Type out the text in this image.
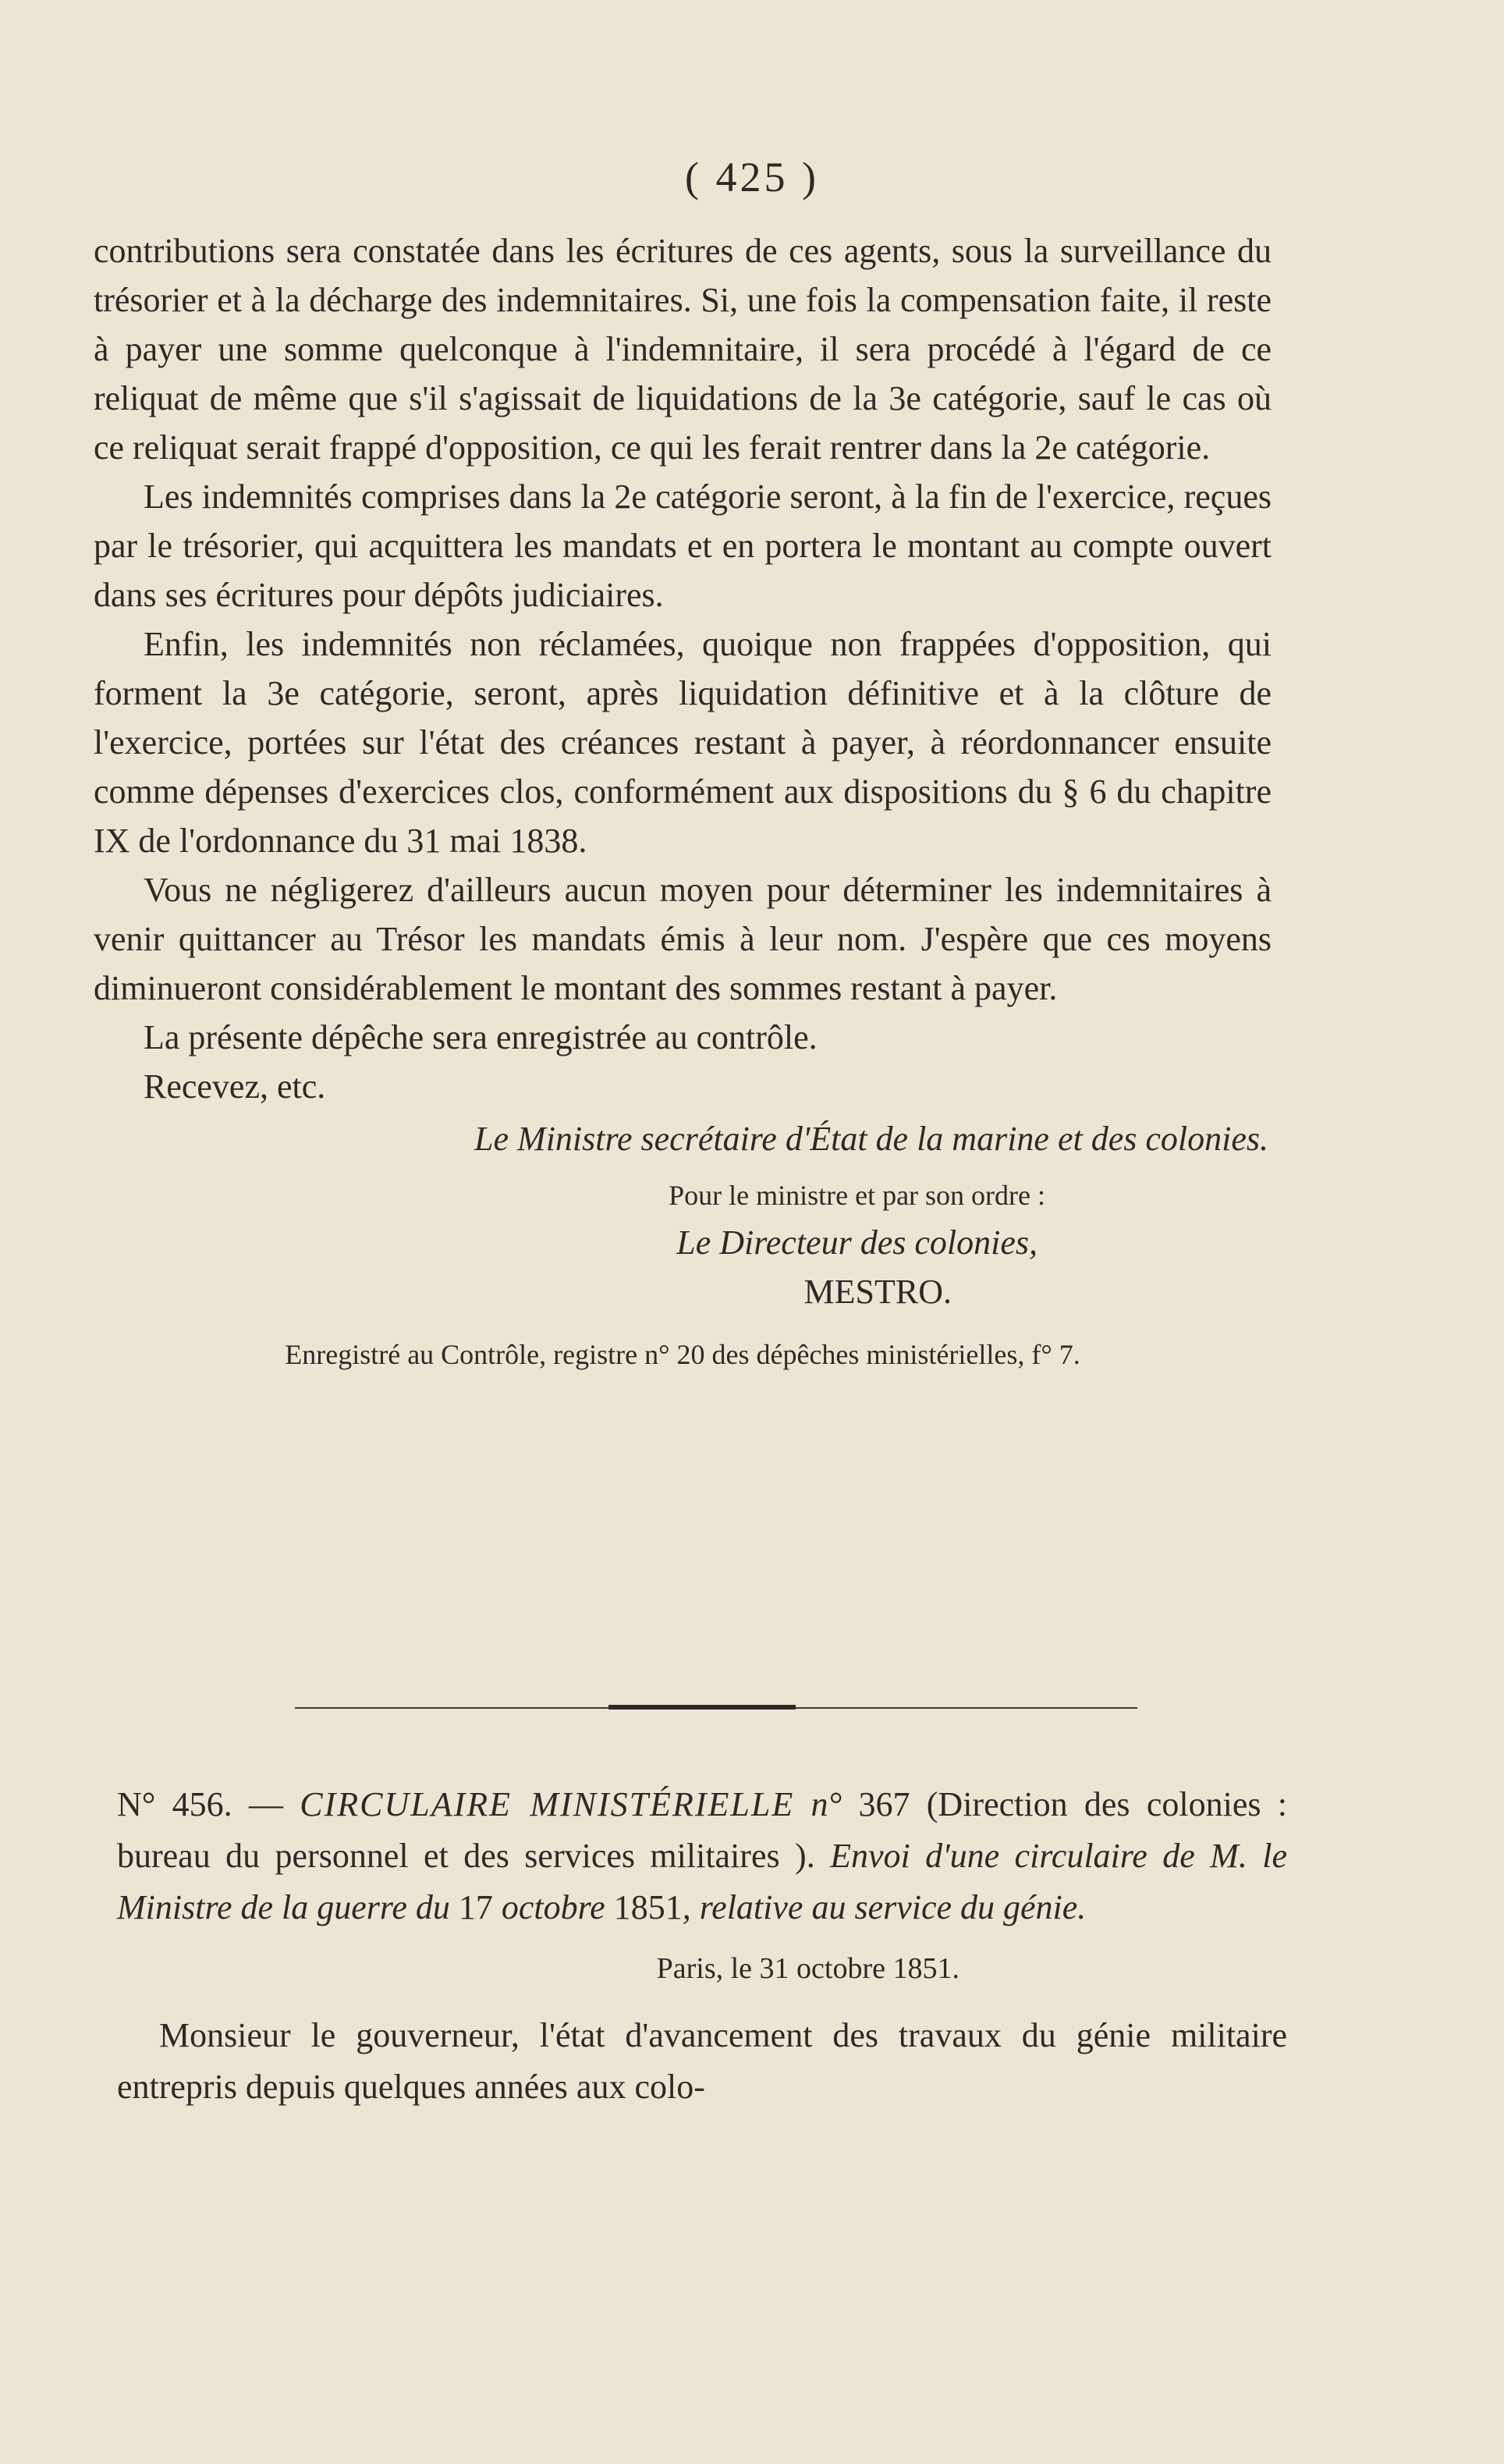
( 425 )

contributions sera constatée dans les écritures de ces agents, sous la surveillance du trésorier et à la décharge des indemnitaires. Si, une fois la compensation faite, il reste à payer une somme quelconque à l'indemnitaire, il sera procédé à l'égard de ce reliquat de même que s'il s'agissait de liquidations de la 3e catégorie, sauf le cas où ce reliquat serait frappé d'opposition, ce qui les ferait rentrer dans la 2e catégorie.

Les indemnités comprises dans la 2e catégorie seront, à la fin de l'exercice, reçues par le trésorier, qui acquittera les mandats et en portera le montant au compte ouvert dans ses écritures pour dépôts judiciaires.

Enfin, les indemnités non réclamées, quoique non frappées d'opposition, qui forment la 3e catégorie, seront, après liquidation définitive et à la clôture de l'exercice, portées sur l'état des créances restant à payer, à réordonnancer ensuite comme dépenses d'exercices clos, conformément aux dispositions du § 6 du chapitre IX de l'ordonnance du 31 mai 1838.

Vous ne négligerez d'ailleurs aucun moyen pour déterminer les indemnitaires à venir quittancer au Trésor les mandats émis à leur nom. J'espère que ces moyens diminueront considérablement le montant des sommes restant à payer.

La présente dépêche sera enregistrée au contrôle.

Recevez, etc.

Le Ministre secrétaire d'État de la marine et des colonies.

Pour le ministre et par son ordre :

Le Directeur des colonies,

MESTRO.

Enregistré au Contrôle, registre n° 20 des dépêches ministérielles, f° 7.

N° 456. — CIRCULAIRE MINISTÉRIELLE n° 367 (Direction des colonies : bureau du personnel et des services militaires ). Envoi d'une circulaire de M. le Ministre de la guerre du 17 octobre 1851, relative au service du génie.

Paris, le 31 octobre 1851.

Monsieur le gouverneur, l'état d'avancement des travaux du génie militaire entrepris depuis quelques années aux colo-
